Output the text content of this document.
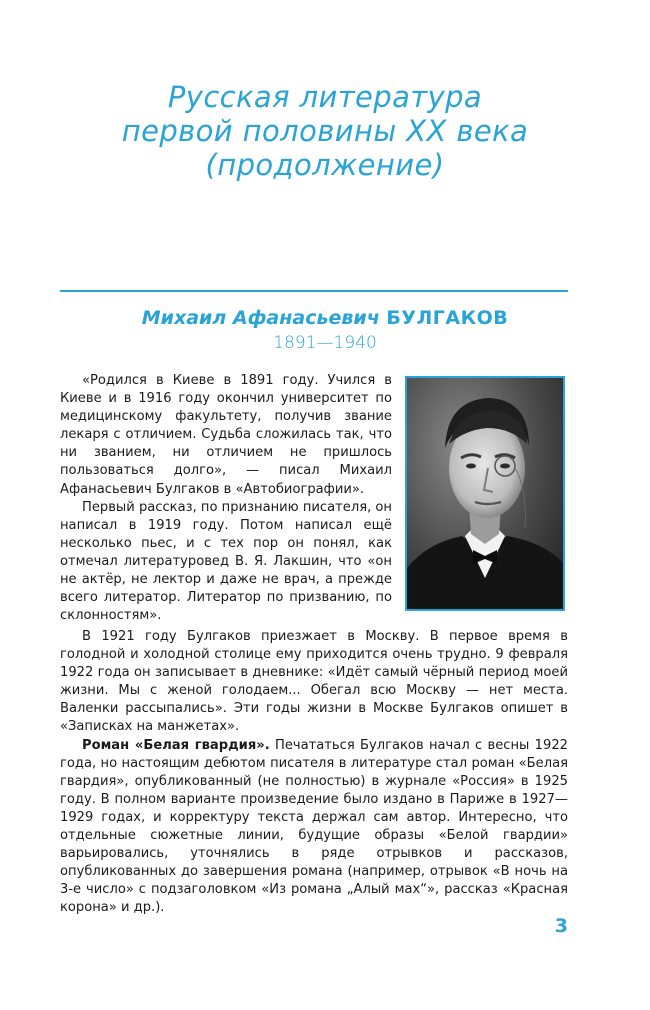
Русская литература
первой половины XX века
(продолжение)
Михаил Афанасьевич БУЛГАКОВ
1891—1940

«Родился в Киеве в 1891 году. Учился в Киеве и в 1916 году окончил университет по медицинскому факультету, получив звание лекаря с отличием. Судьба сложилась так, что ни званием, ни отличием не пришлось пользоваться долго», — писал Михаил Афанасьевич Булгаков в «Автобиографии».

Первый рассказ, по признанию писателя, он написал в 1919 году. Потом написал ещё несколько пьес, и с тех пор он понял, как отмечал литературовед В. Я. Лакшин, что «он не актёр, не лектор и даже не врач, а прежде всего литератор. Литератор по призванию, по склонностям».

В 1921 году Булгаков приезжает в Москву. В первое время в голодной и холодной столице ему приходится очень трудно. 9 февраля 1922 года он записывает в дневнике: «Идёт самый чёрный период моей жизни. Мы с женой голодаем... Обегал всю Москву — нет места. Валенки рассыпались». Эти годы жизни в Москве Булгаков опишет в «Записках на манжетах».

Роман «Белая гвардия». Печататься Булгаков начал с весны 1922 года, но настоящим дебютом писателя в литературе стал роман «Белая гвардия», опубликованный (не полностью) в журнале «Россия» в 1925 году. В полном варианте произведение было издано в Париже в 1927—1929 годах, и корректуру текста держал сам автор. Интересно, что отдельные сюжетные линии, будущие образы «Белой гвардии» варьировались, уточнялись в ряде отрывков и рассказов, опубликованных до завершения романа (например, отрывок «В ночь на 3-е число» с подзаголовком «Из романа „Алый мах“», рассказ «Красная корона» и др.).

3
